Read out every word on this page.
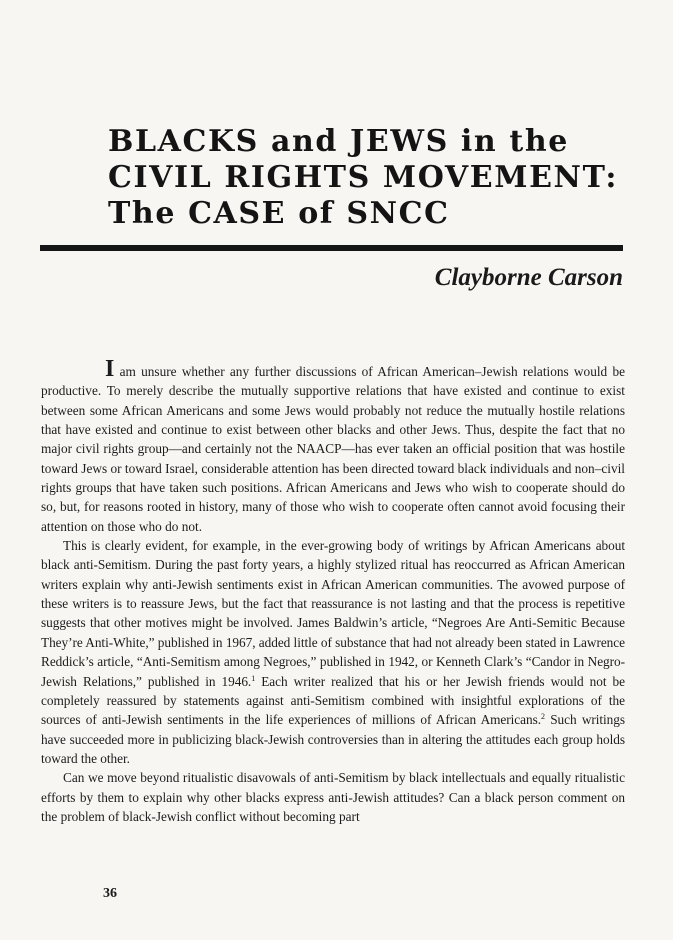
BLACKS and JEWS in the
CIVIL RIGHTS MOVEMENT:
The CASE of SNCC
Clayborne Carson

I am unsure whether any further discussions of African American–Jewish relations would be productive. To merely describe the mutually supportive relations that have existed and continue to exist between some African Americans and some Jews would probably not reduce the mutually hostile relations that have existed and continue to exist between other blacks and other Jews. Thus, despite the fact that no major civil rights group—and certainly not the NAACP—has ever taken an official position that was hostile toward Jews or toward Israel, considerable attention has been directed toward black individuals and non–civil rights groups that have taken such positions. African Americans and Jews who wish to cooperate should do so, but, for reasons rooted in history, many of those who wish to cooperate often cannot avoid focusing their attention on those who do not.

This is clearly evident, for example, in the ever-growing body of writings by African Americans about black anti-Semitism. During the past forty years, a highly stylized ritual has reoccurred as African American writers explain why anti-Jewish sentiments exist in African American communities. The avowed purpose of these writers is to reassure Jews, but the fact that reassurance is not lasting and that the process is repetitive suggests that other motives might be involved. James Baldwin’s article, “Negroes Are Anti-Semitic Because They’re Anti-White,” published in 1967, added little of substance that had not already been stated in Lawrence Reddick’s article, “Anti-Semitism among Negroes,” published in 1942, or Kenneth Clark’s “Candor in Negro-Jewish Relations,” published in 1946.$^1$ Each writer realized that his or her Jewish friends would not be completely reassured by statements against anti-Semitism combined with insightful explorations of the sources of anti-Jewish sentiments in the life experiences of millions of African Americans.$^2$ Such writings have succeeded more in publicizing black-Jewish controversies than in altering the attitudes each group holds toward the other.

Can we move beyond ritualistic disavowals of anti-Semitism by black intellectuals and equally ritualistic efforts by them to explain why other blacks express anti-Jewish attitudes? Can a black person comment on the problem of black-Jewish conflict without becoming part

36
